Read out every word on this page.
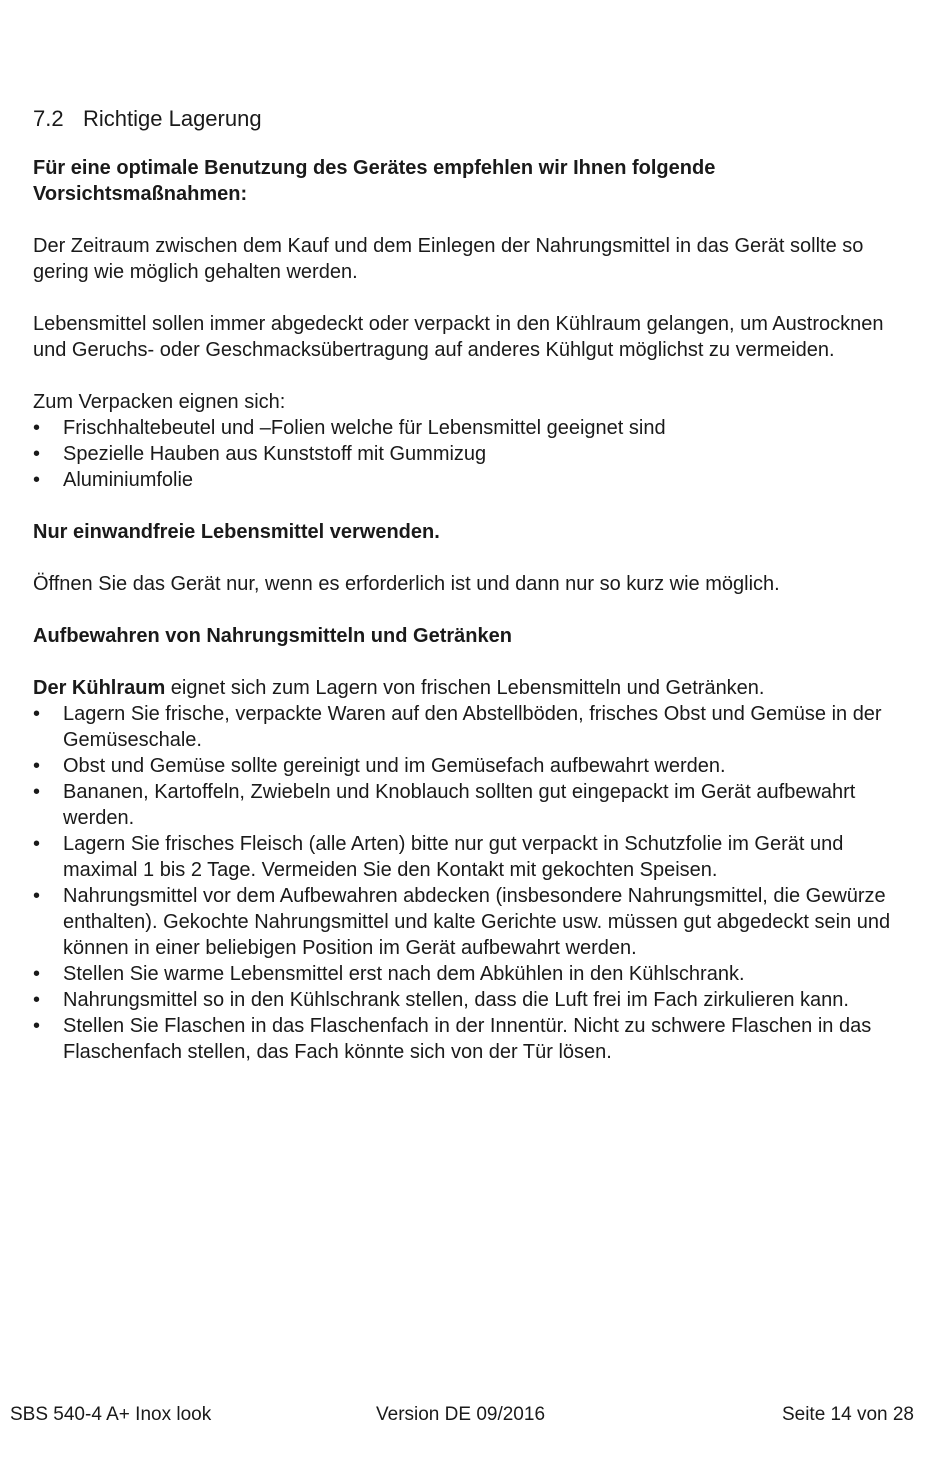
7.2 Richtige Lagerung

Für eine optimale Benutzung des Gerätes empfehlen wir Ihnen folgende Vorsichtsmaßnahmen:

Der Zeitraum zwischen dem Kauf und dem Einlegen der Nahrungsmittel in das Gerät sollte so gering wie möglich gehalten werden.

Lebensmittel sollen immer abgedeckt oder verpackt in den Kühlraum gelangen, um Austrocknen und Geruchs- oder Geschmacksübertragung auf anderes Kühlgut möglichst zu vermeiden.

Zum Verpacken eignen sich:

•	Frischhaltebeutel und –Folien welche für Lebensmittel geeignet sind
•	Spezielle Hauben aus Kunststoff mit Gummizug
•	Aluminiumfolie

Nur einwandfreie Lebensmittel verwenden.

Öffnen Sie das Gerät nur, wenn es erforderlich ist und dann nur so kurz wie möglich.

Aufbewahren von Nahrungsmitteln und Getränken

Der Kühlraum eignet sich zum Lagern von frischen Lebensmitteln und Getränken.

•	Lagern Sie frische, verpackte Waren auf den Abstellböden, frisches Obst und Gemüse in der Gemüseschale.
•	Obst und Gemüse sollte gereinigt und im Gemüsefach aufbewahrt werden.
•	Bananen, Kartoffeln, Zwiebeln und Knoblauch sollten gut eingepackt im Gerät aufbewahrt werden.
•	Lagern Sie frisches Fleisch (alle Arten) bitte nur gut verpackt in Schutzfolie im Gerät und maximal 1 bis 2 Tage. Vermeiden Sie den Kontakt mit gekochten Speisen.
•	Nahrungsmittel vor dem Aufbewahren abdecken (insbesondere Nahrungsmittel, die Gewürze enthalten). Gekochte Nahrungsmittel und kalte Gerichte usw. müssen gut abgedeckt sein und können in einer beliebigen Position im Gerät aufbewahrt werden.
•	Stellen Sie warme Lebensmittel erst nach dem Abkühlen in den Kühlschrank.
•	Nahrungsmittel so in den Kühlschrank stellen, dass die Luft frei im Fach zirkulieren kann.
•	Stellen Sie Flaschen in das Flaschenfach in der Innentür. Nicht zu schwere Flaschen in das Flaschenfach stellen, das Fach könnte sich von der Tür lösen.
SBS 540-4 A+ Inox look	Version DE 09/2016	Seite 14 von 28
